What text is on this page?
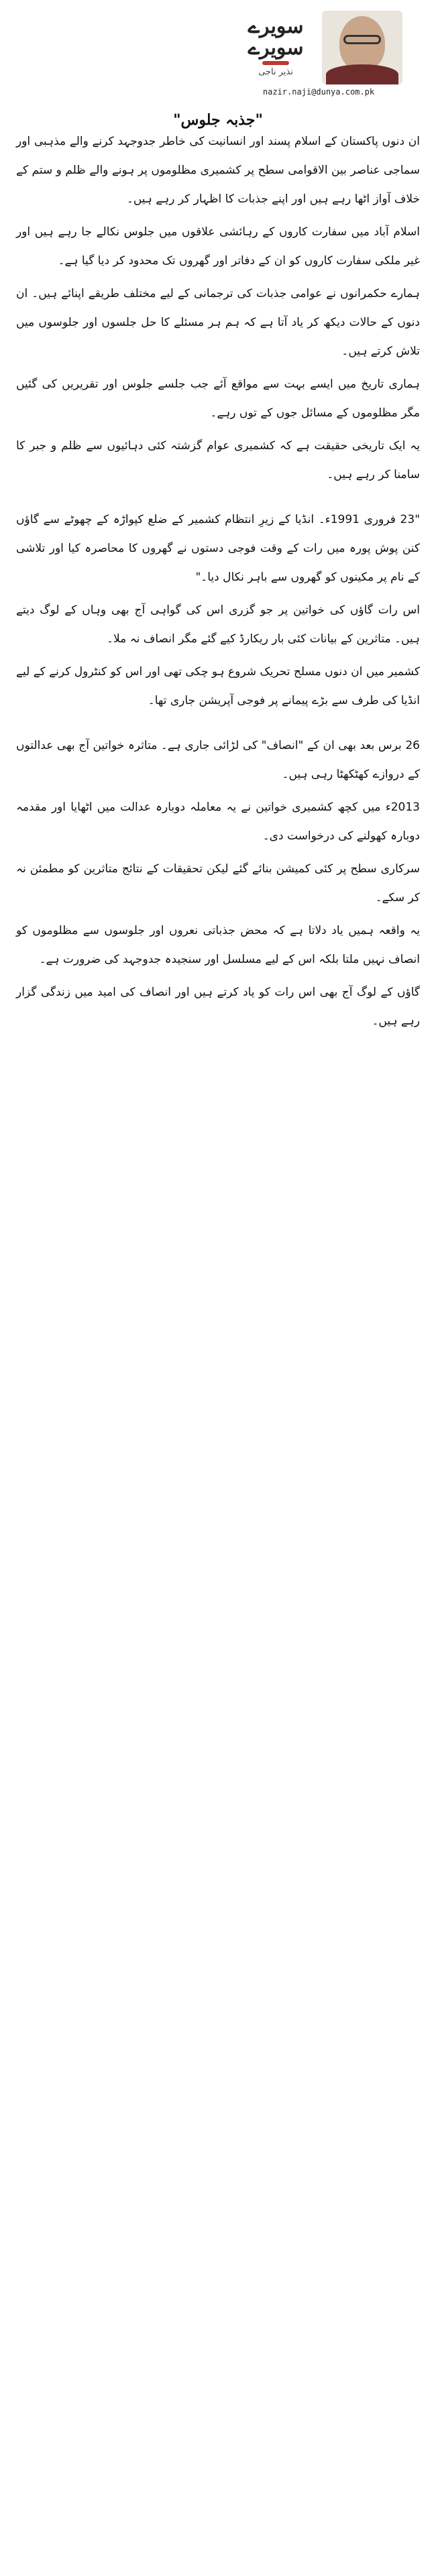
سویرے
سویرے
نذیر ناجی
nazir.naji@dunya.com.pk
"جذبہ جلوس"

ان دنوں پاکستان کے اسلام پسند اور انسانیت کی خاطر جدوجہد کرنے والے مذہبی اور سماجی عناصر بین الاقوامی سطح پر کشمیری مظلوموں پر ہونے والے ظلم و ستم کے خلاف آواز اٹھا رہے ہیں اور اپنے جذبات کا اظہار کر رہے ہیں۔

اسلام آباد میں سفارت کاروں کے رہائشی علاقوں میں جلوس نکالے جا رہے ہیں اور غیر ملکی سفارت کاروں کو ان کے دفاتر اور گھروں تک محدود کر دیا گیا ہے۔

ہمارے حکمرانوں نے عوامی جذبات کی ترجمانی کے لیے مختلف طریقے اپنائے ہیں۔ ان دنوں کے حالات دیکھ کر یاد آتا ہے کہ ہم ہر مسئلے کا حل جلسوں اور جلوسوں میں تلاش کرتے ہیں۔

ہماری تاریخ میں ایسے بہت سے مواقع آئے جب جلسے جلوس اور تقریریں کی گئیں مگر مظلوموں کے مسائل جوں کے توں رہے۔

یہ ایک تاریخی حقیقت ہے کہ کشمیری عوام گزشتہ کئی دہائیوں سے ظلم و جبر کا سامنا کر رہے ہیں۔

"23 فروری 1991ء۔ انڈیا کے زیرِ انتظام کشمیر کے ضلع کپواڑہ کے چھوٹے سے گاؤں کنن پوش پورہ میں رات کے وقت فوجی دستوں نے گھروں کا محاصرہ کیا اور تلاشی کے نام پر مکینوں کو گھروں سے باہر نکال دیا۔"

اس رات گاؤں کی خواتین پر جو گزری اس کی گواہی آج بھی وہاں کے لوگ دیتے ہیں۔ متاثرین کے بیانات کئی بار ریکارڈ کیے گئے مگر انصاف نہ ملا۔

کشمیر میں ان دنوں مسلح تحریک شروع ہو چکی تھی اور اس کو کنٹرول کرنے کے لیے انڈیا کی طرف سے بڑے پیمانے پر فوجی آپریشن جاری تھا۔

26 برس بعد بھی ان کے "انصاف" کی لڑائی جاری ہے۔ متاثرہ خواتین آج بھی عدالتوں کے دروازے کھٹکھٹا رہی ہیں۔

2013ء میں کچھ کشمیری خواتین نے یہ معاملہ دوبارہ عدالت میں اٹھایا اور مقدمہ دوبارہ کھولنے کی درخواست دی۔

سرکاری سطح پر کئی کمیشن بنائے گئے لیکن تحقیقات کے نتائج متاثرین کو مطمئن نہ کر سکے۔

یہ واقعہ ہمیں یاد دلاتا ہے کہ محض جذباتی نعروں اور جلوسوں سے مظلوموں کو انصاف نہیں ملتا بلکہ اس کے لیے مسلسل اور سنجیدہ جدوجہد کی ضرورت ہے۔

گاؤں کے لوگ آج بھی اس رات کو یاد کرتے ہیں اور انصاف کی امید میں زندگی گزار رہے ہیں۔
